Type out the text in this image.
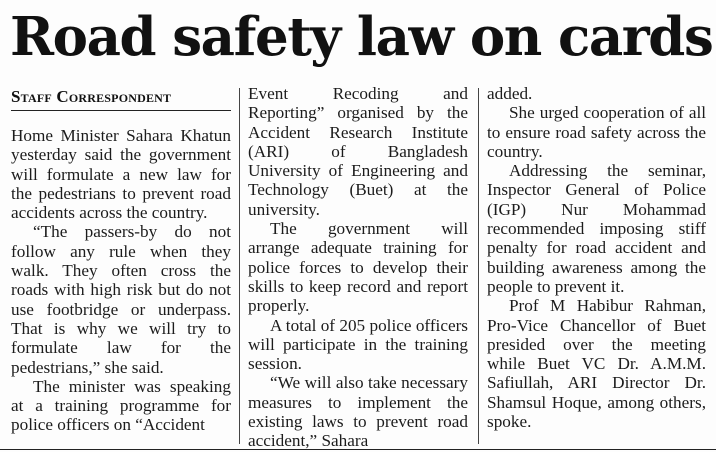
Road safety law on cards
Staff Correspondent

Home Minister Sahara Khatun yesterday said the government will formulate a new law for the pedestrians to prevent road accidents across the country.

“The passers-by do not follow any rule when they walk. They often cross the roads with high risk but do not use footbridge or underpass. That is why we will try to formulate law for the pedestrians,” she said.

The minister was speaking at a training programme for police officers on “Accident

Event Recoding and Reporting” organised by the Accident Research Institute (ARI) of Bangladesh University of Engineering and Technology (Buet) at the university.

The government will arrange adequate training for police forces to develop their skills to keep record and report properly.

A total of 205 police officers will participate in the training session.

“We will also take necessary measures to implement the existing laws to prevent road accident,” Sahara

added.

She urged cooperation of all to ensure road safety across the country.

Addressing the seminar, Inspector General of Police (IGP) Nur Mohammad recommended imposing stiff penalty for road accident and building awareness among the people to prevent it.

Prof M Habibur Rahman, Pro-Vice Chancellor of Buet presided over the meeting while Buet VC Dr. A.M.M. Safiullah, ARI Director Dr. Shamsul Hoque, among others, spoke.
